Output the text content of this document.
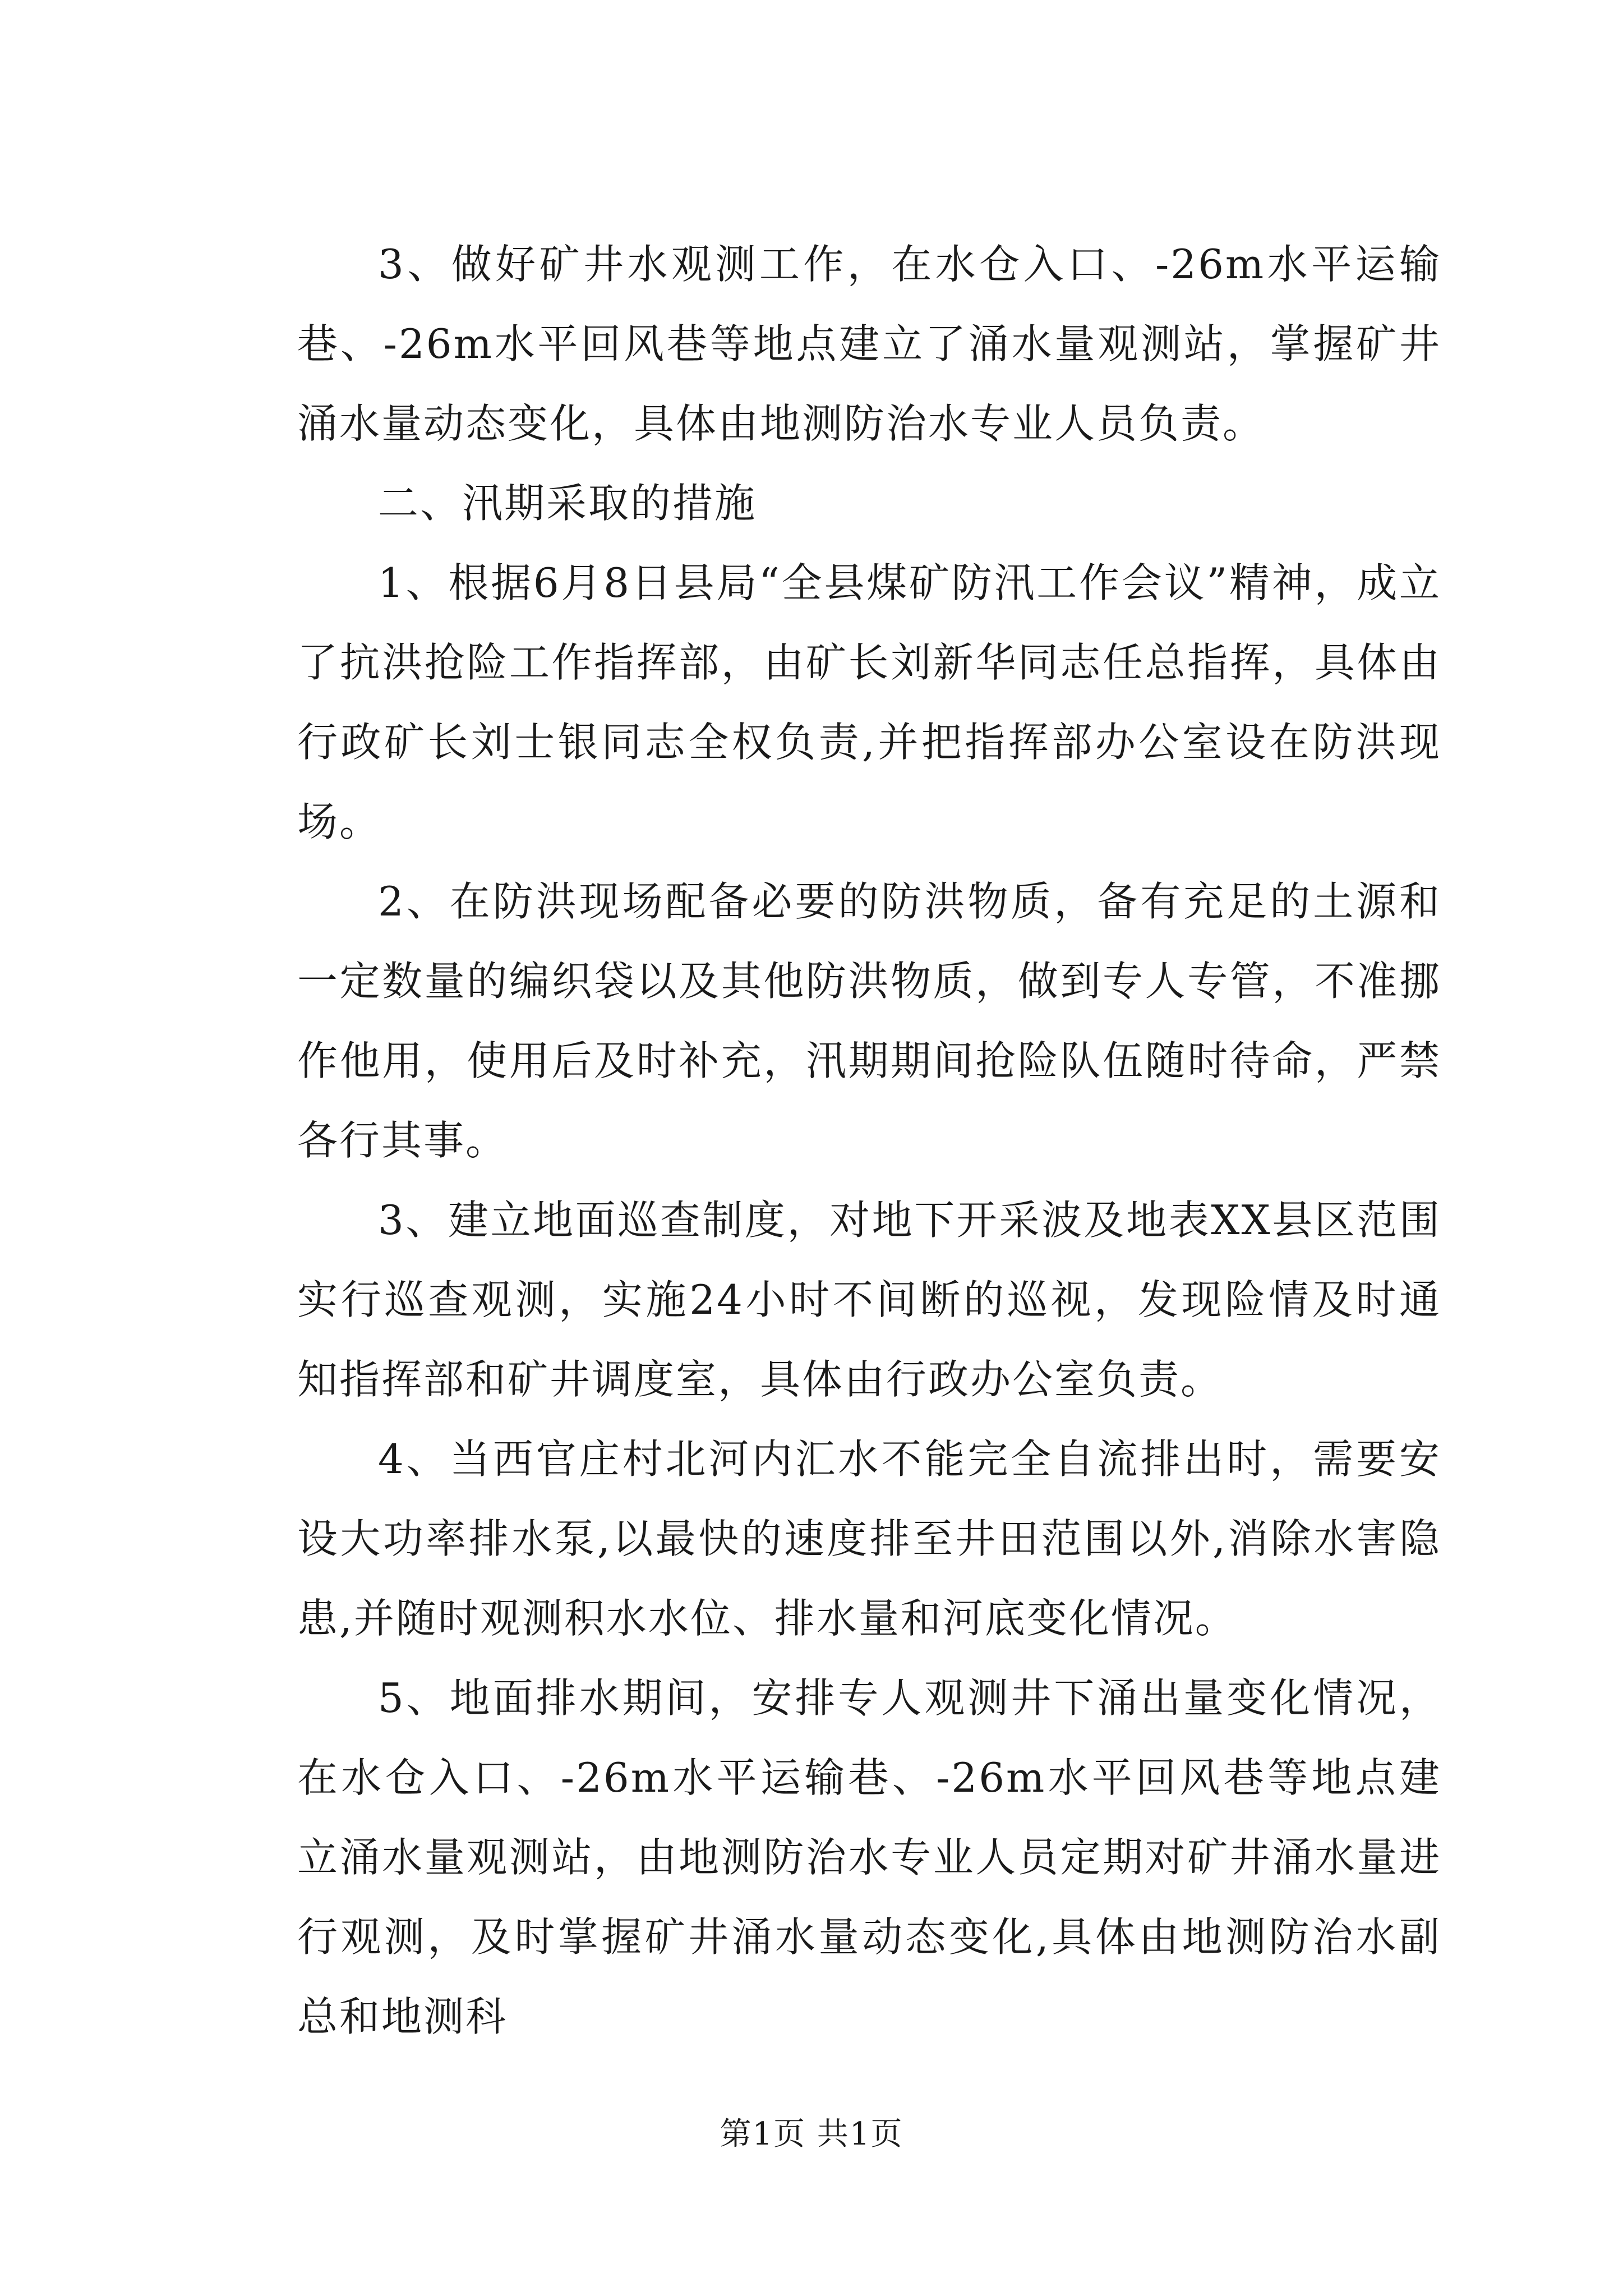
3、做好矿井水观测工作，在水仓入口、-26m水平运输巷、-26m水平回风巷等地点建立了涌水量观测站，掌握矿井涌水量动态变化，具体由地测防治水专业人员负责。

二、汛期采取的措施

1、根据6月8日县局“全县煤矿防汛工作会议”精神，成立了抗洪抢险工作指挥部，由矿长刘新华同志任总指挥，具体由行政矿长刘士银同志全权负责,并把指挥部办公室设在防洪现场。

2、在防洪现场配备必要的防洪物质，备有充足的土源和一定数量的编织袋以及其他防洪物质，做到专人专管，不准挪作他用，使用后及时补充，汛期期间抢险队伍随时待命，严禁各行其事。

3、建立地面巡查制度，对地下开采波及地表XX县区范围实行巡查观测，实施24小时不间断的巡视，发现险情及时通知指挥部和矿井调度室，具体由行政办公室负责。

4、当西官庄村北河内汇水不能完全自流排出时，需要安设大功率排水泵,以最快的速度排至井田范围以外,消除水害隐患,并随时观测积水水位、排水量和河底变化情况。

5、地面排水期间，安排专人观测井下涌出量变化情况，在水仓入口、-26m水平运输巷、-26m水平回风巷等地点建立涌水量观测站，由地测防治水专业人员定期对矿井涌水量进行观测，及时掌握矿井涌水量动态变化,具体由地测防治水副总和地测科

第1页 共1页
